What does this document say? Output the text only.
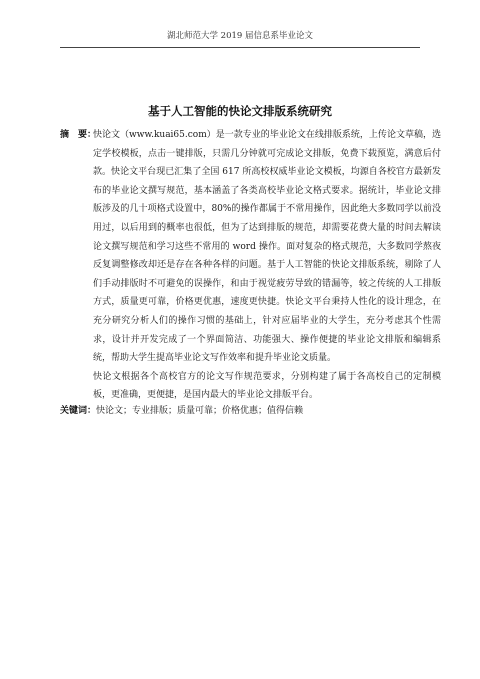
湖北师范大学 2019 届信息系毕业论文
基于人工智能的快论文排版系统研究
摘　要：

快论文（www.kuai65.com）是一款专业的毕业论文在线排版系统，上传论文草稿，选定学校模板，点击一键排版，只需几分钟就可完成论文排版，免费下载预览，满意后付款。快论文平台现已汇集了全国 617 所高校权威毕业论文模板，均源自各校官方最新发布的毕业论文撰写规范，基本涵盖了各类高校毕业论文格式要求。据统计，毕业论文排版涉及的几十项格式设置中，80%的操作都属于不常用操作，因此绝大多数同学以前没用过，以后用到的概率也很低，但为了达到排版的规范，却需要花费大量的时间去解读论文撰写规范和学习这些不常用的 word 操作。面对复杂的格式规范，大多数同学熬夜反复调整修改却还是存在各种各样的问题。基于人工智能的快论文排版系统，剔除了人们手动排版时不可避免的误操作，和由于视觉疲劳导致的错漏等，较之传统的人工排版方式，质量更可靠，价格更优惠，速度更快捷。快论文平台秉持人性化的设计理念，在充分研究分析人们的操作习惯的基础上，针对应届毕业的大学生，充分考虑其个性需求，设计并开发完成了一个界面简洁、功能强大、操作便捷的毕业论文排版和编辑系统，帮助大学生提高毕业论文写作效率和提升毕业论文质量。

快论文根据各个高校官方的论文写作规范要求，分别构建了属于各高校自己的定制模板，更准确，更便捷，是国内最大的毕业论文排版平台。

关键词：快论文；专业排版；质量可靠；价格优惠；值得信赖
